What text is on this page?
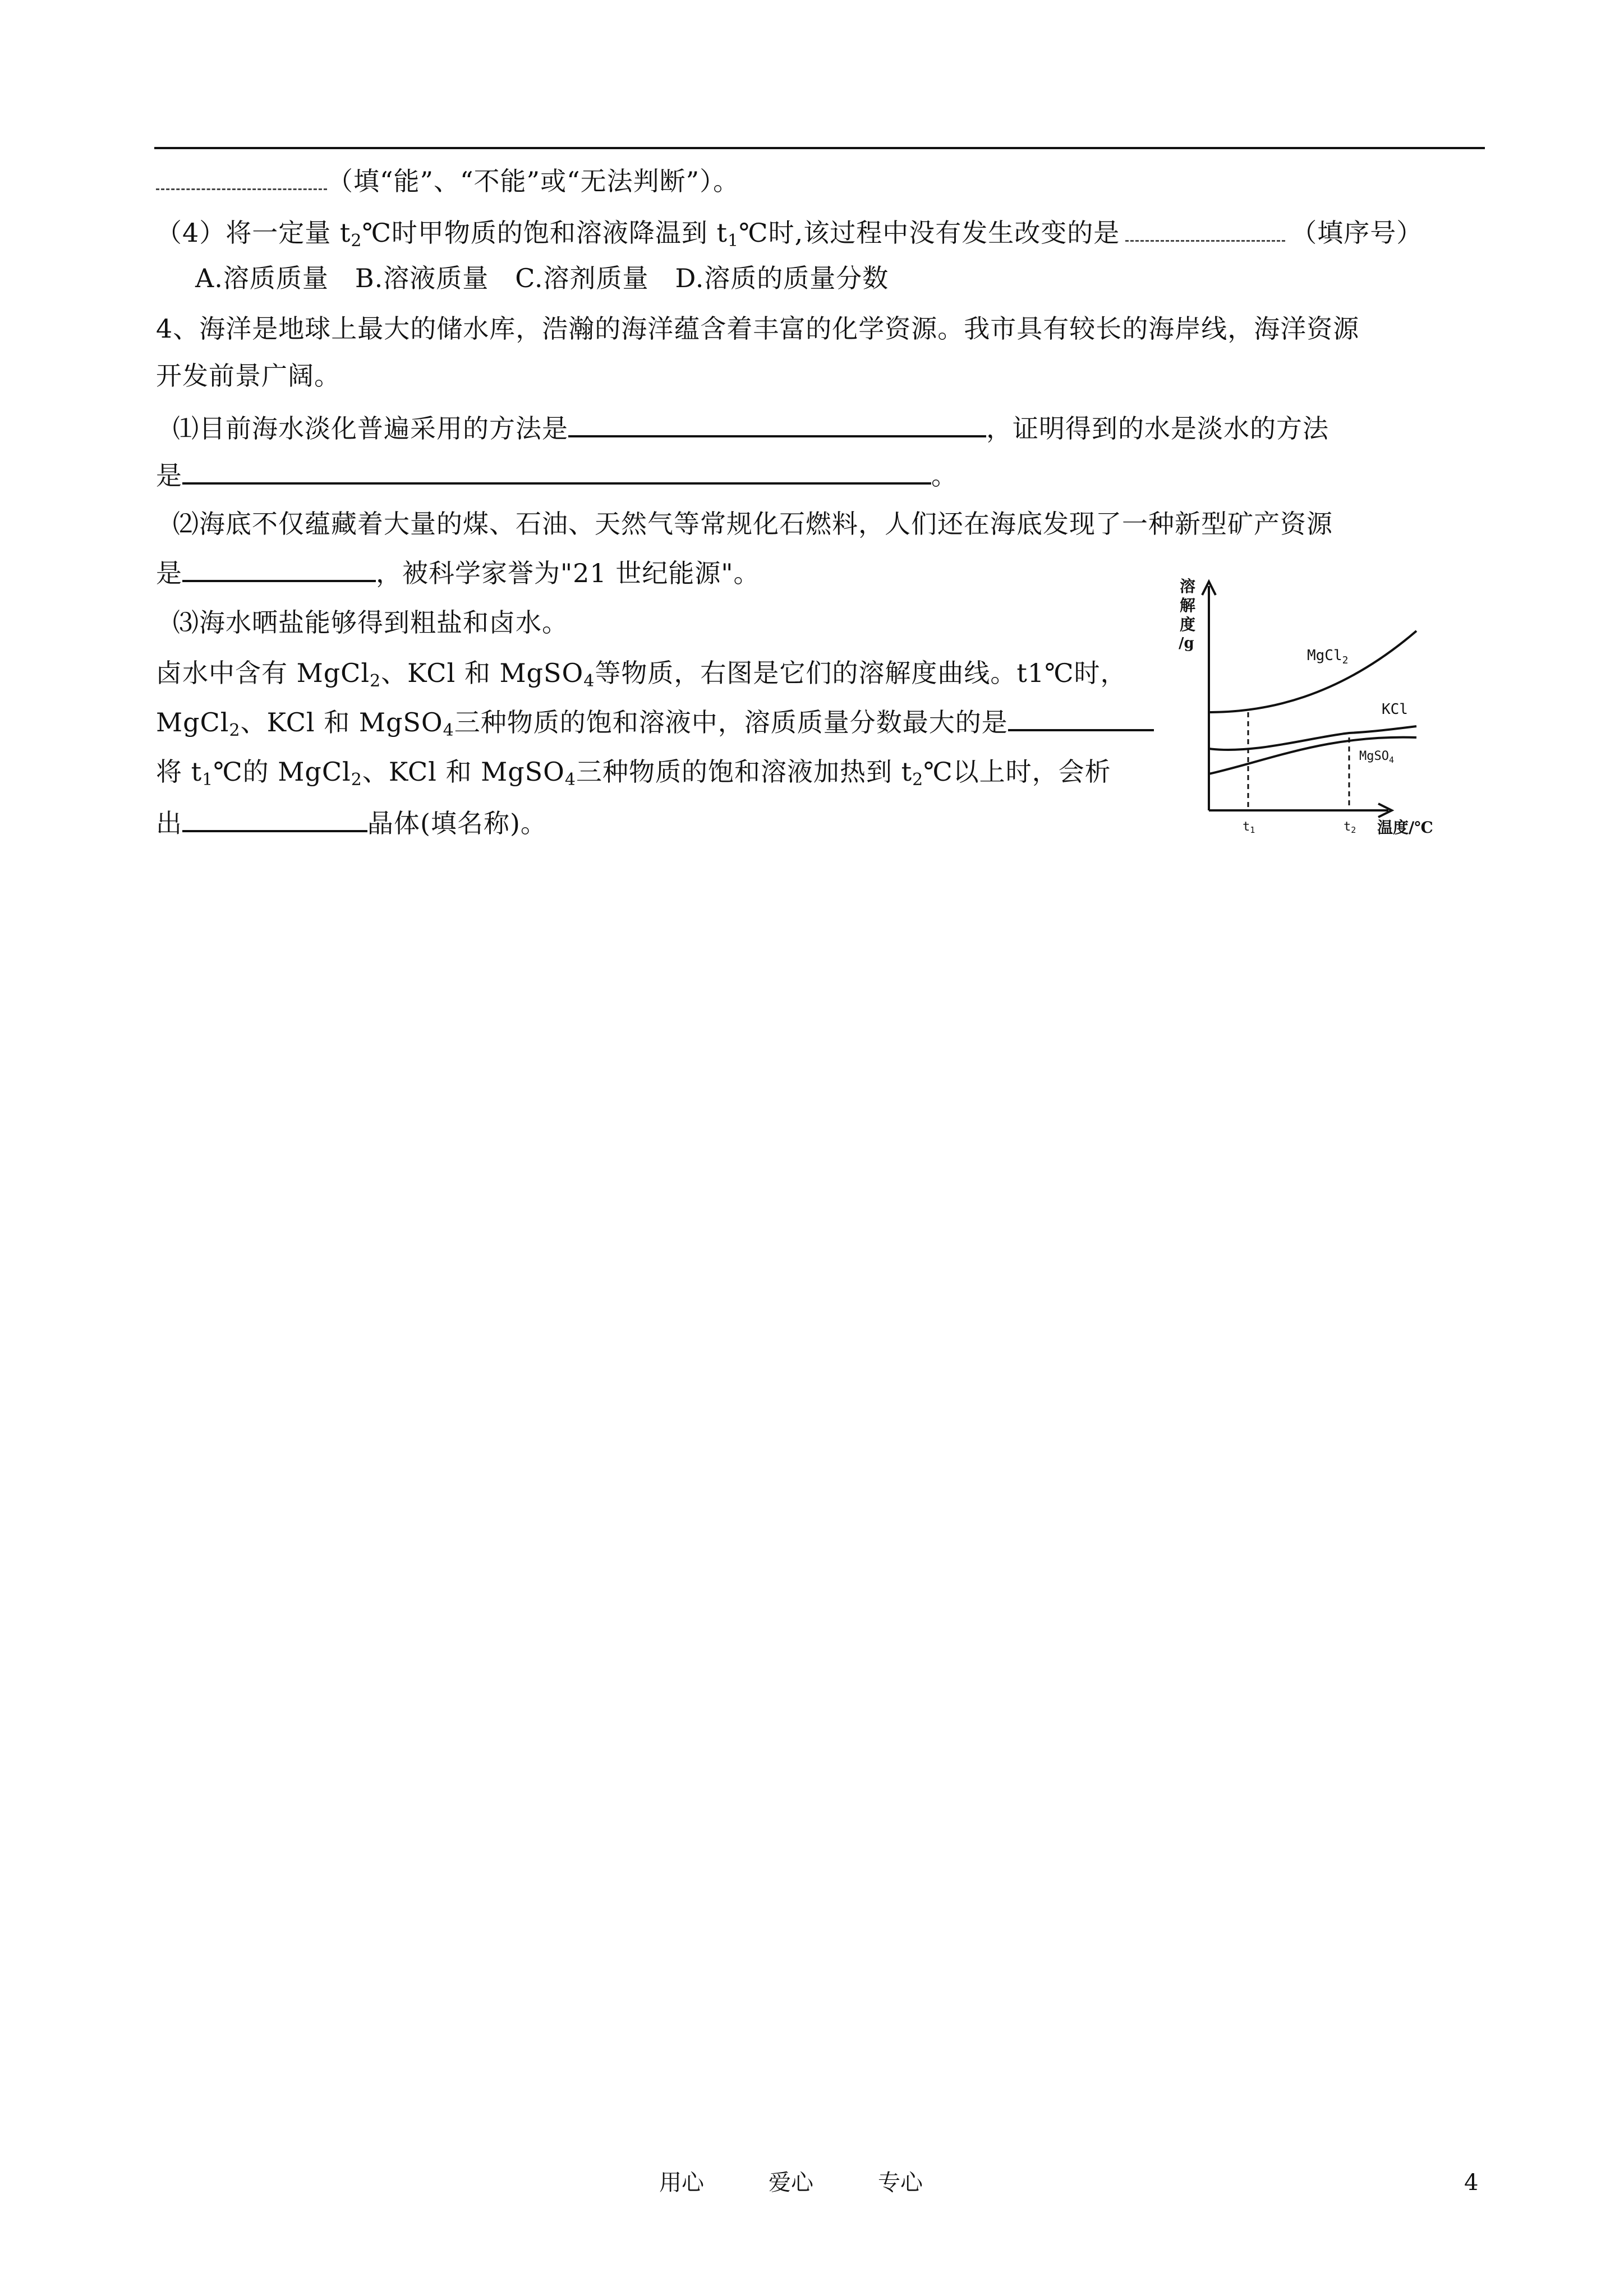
（填“能”、“不能”或“无法判断”）。
（4）将一定量 $t_2℃$时甲物质的饱和溶液降温到 $t_1℃$时,该过程中没有发生改变的是	（填序号）
A.溶质质量　B.溶液质量　C.溶剂质量　D.溶质的质量分数
4、海洋是地球上最大的储水库，浩瀚的海洋蕴含着丰富的化学资源。我市具有较长的海岸线，海洋资源
开发前景广阔。
⑴目前海水淡化普遍采用的方法是	，证明得到的水是淡水的方法
是	。
⑵海底不仅蕴藏着大量的煤、石油、天然气等常规化石燃料，人们还在海底发现了一种新型矿产资源
是	，被科学家誉为"21 世纪能源"。
⑶海水晒盐能够得到粗盐和卤水。
卤水中含有 MgCl$_2$、KCl 和 MgSO$_4$等物质，右图是它们的溶解度曲线。t1℃时，
MgCl$_2$、KCl 和 MgSO$_4$三种物质的饱和溶液中，溶质质量分数最大的是
将 $t_1℃$的 MgCl$_2$、KCl 和 MgSO$_4$三种物质的饱和溶液加热到 $t_2℃$以上时，会析
出	晶体(填名称)。
溶
解
度
/g
MgCl$_2$
KCl
MgSO$_4$
t1	t2 温度/℃
用心	爱心	专心	4
